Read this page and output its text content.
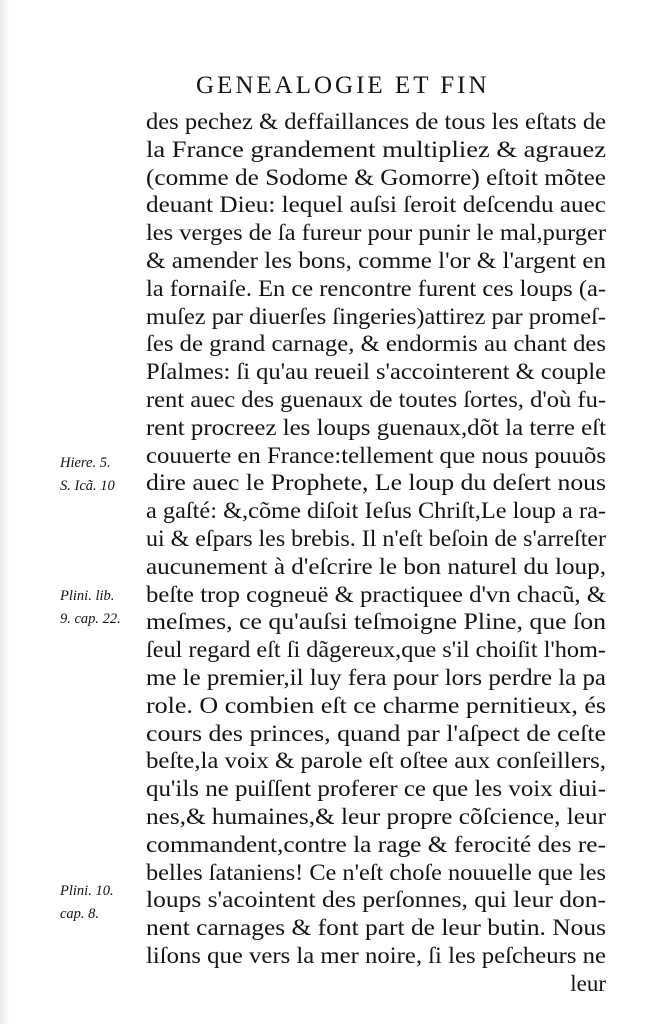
GENEALOGIE ET FIN
des pechez & deffaillances de tous les eſtats de
la France grandement multipliez & agrauez
(comme de Sodome & Gomorre) eſtoit mõtee
deuant Dieu: lequel auſsi ſeroit deſcendu auec
les verges de ſa fureur pour punir le mal,purger
& amender les bons, comme l'or & l'argent en
la fornaiſe. En ce rencontre furent ces loups (a-
muſez par diuerſes ſingeries)attirez par promeſ-
ſes de grand carnage, & endormis au chant des
Pſalmes: ſi qu'au reueil s'accointerent & couple
rent auec des guenaux de toutes ſortes, d'où fu-
rent procreez les loups guenaux,dõt la terre eſt
couuerte en France:tellement que nous pouuõs
dire auec le Prophete, Le loup du deſert nous
a gaſté: &,cõme diſoit Ieſus Chriſt,Le loup a ra-
ui & eſpars les brebis. Il n'eſt beſoin de s'arreſter
aucunement à d'eſcrire le bon naturel du loup,
beſte trop cogneuë & practiquee d'vn chacũ, &
meſmes, ce qu'auſsi teſmoigne Pline, que ſon
ſeul regard eſt ſi dãgereux,que s'il choiſit l'hom-
me le premier,il luy fera pour lors perdre la pa
role. O combien eſt ce charme pernitieux, és
cours des princes, quand par l'aſpect de ceſte
beſte,la voix & parole eſt oſtee aux conſeillers,
qu'ils ne puiſſent proferer ce que les voix diui-
nes,& humaines,& leur propre cõſcience, leur
commandent,contre la rage & ferocité des re-
belles ſataniens! Ce n'eſt choſe nouuelle que les
loups s'acointent des perſonnes, qui leur don-
nent carnages & font part de leur butin. Nous
liſons que vers la mer noire, ſi les peſcheurs ne
leur
Hiere. 5.
S. Icã. 10
Plini. lib.
9. cap. 22.
Plini. 10.
cap. 8.
